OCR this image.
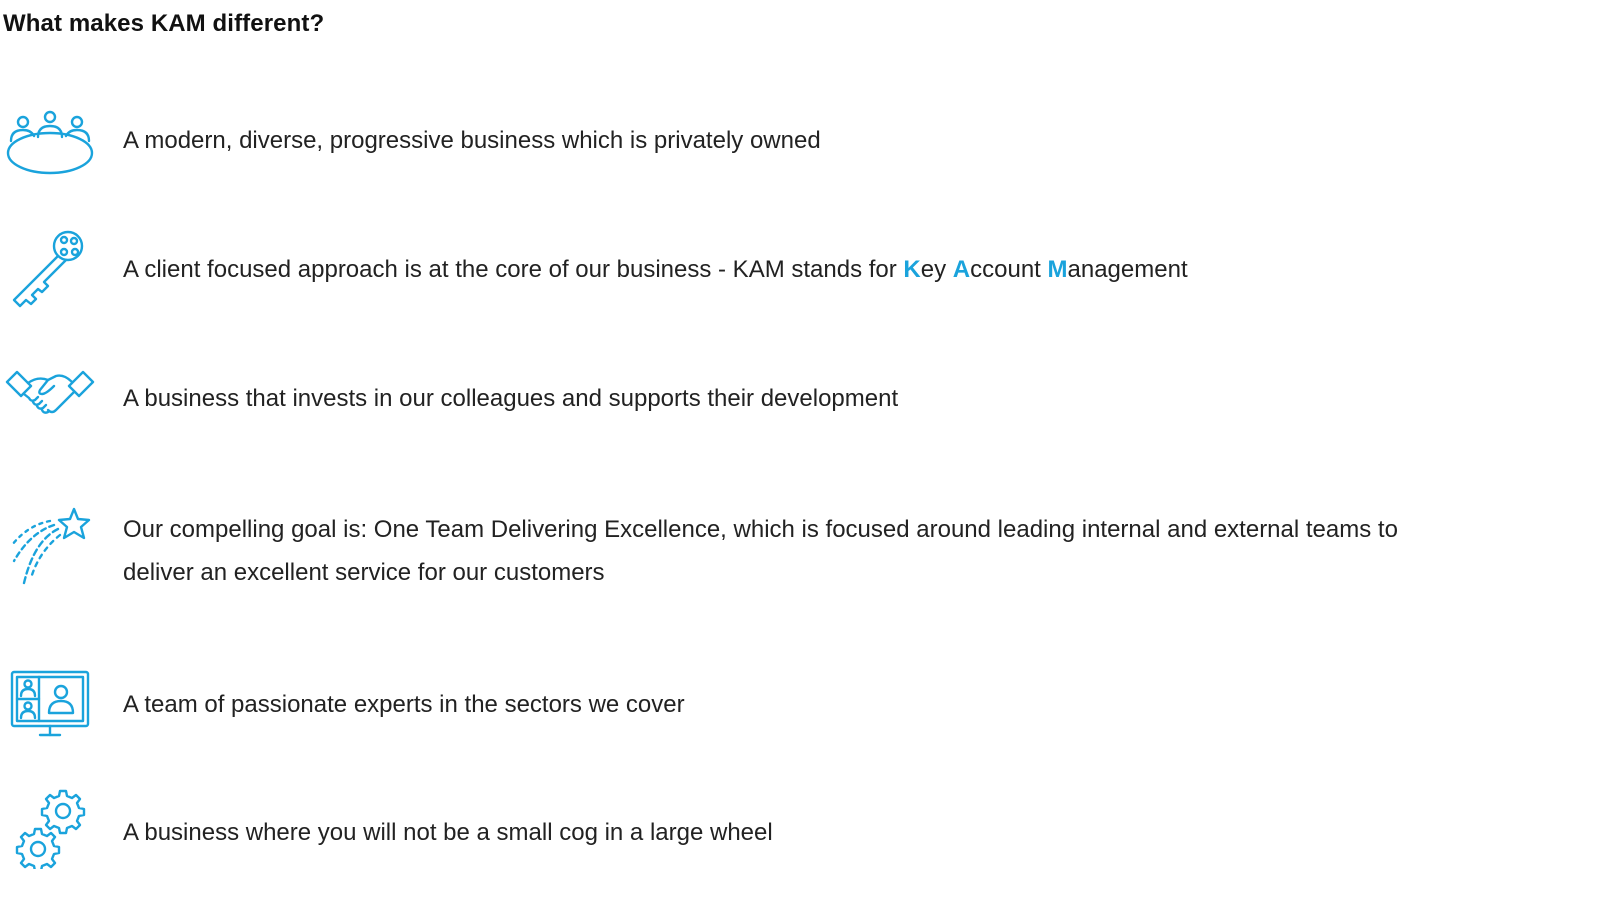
What makes KAM different?
A modern, diverse, progressive business which is privately owned
A client focused approach is at the core of our business - KAM stands for Key Account Management
A business that invests in our colleagues and supports their development
Our compelling goal is: One Team Delivering Excellence, which is focused around leading internal and external teams to deliver an excellent service for our customers
A team of passionate experts in the sectors we cover
A business where you will not be a small cog in a large wheel
